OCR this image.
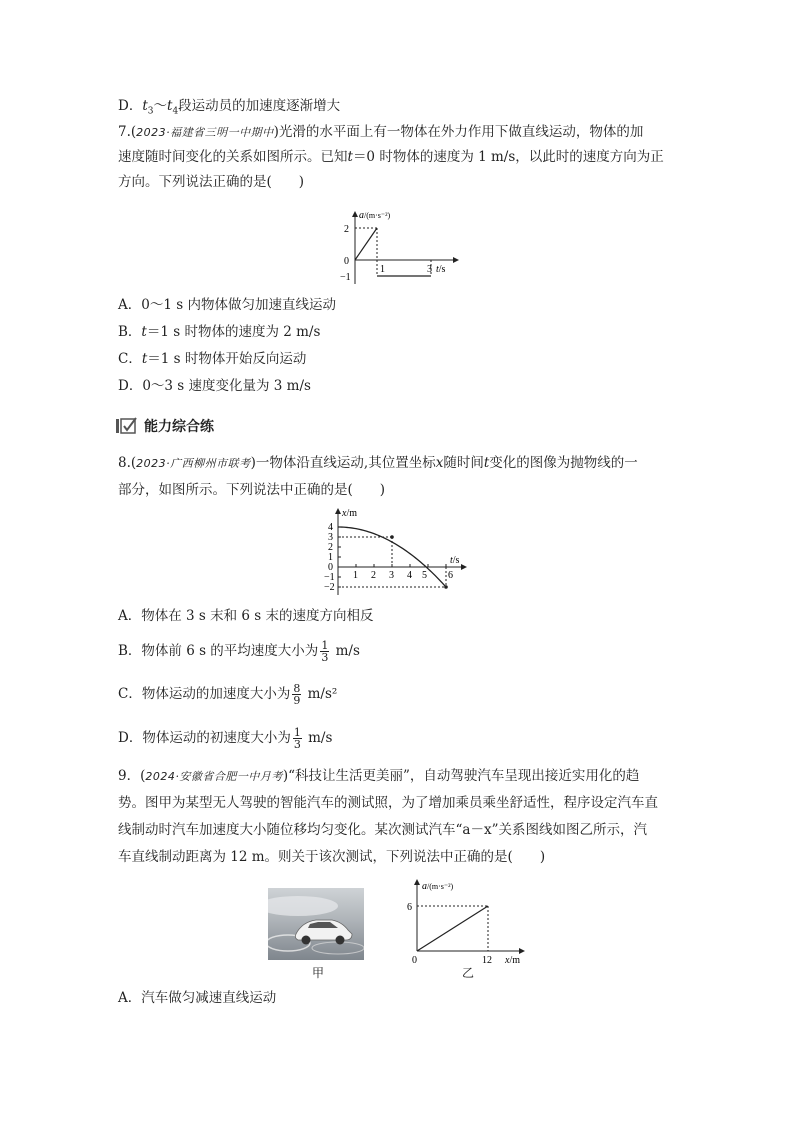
D．$t_3\sim t_4$段运动员的加速度逐渐增大
7.(2023·福建省三明一中期中)光滑的水平面上有一物体在外力作用下做直线运动，物体的加
速度随时间变化的关系如图所示。已知t＝0 时物体的速度为 1 m/s，以此时的速度方向为正
方向。下列说法正确的是(　　)
a/(m·s⁻²)
2
0
−1
1	3 t/s
A．0～1 s 内物体做匀加速直线运动
B．t＝1 s 时物体的速度为 2 m/s
C．t＝1 s 时物体开始反向运动
D．0～3 s 速度变化量为 3 m/s
能力综合练
8.(2023·广西柳州市联考)一物体沿直线运动,其位置坐标x随时间t变化的图像为抛物线的一
部分，如图所示。下列说法中正确的是(　　)
x/m
4
3
2
1
0
−1
−2
1 2 3 4 5 6
t/s
A．物体在 3 s 末和 6 s 末的速度方向相反
B．物体前 6 s 的平均速度大小为 $\frac{1}{3} m/s$
C．物体运动的加速度大小为 $\frac{8}{9} m/s^2$
D．物体运动的初速度大小为 $\frac{1}{3} m/s$
9．(2024·安徽省合肥一中月考)“科技让生活更美丽”，自动驾驶汽车呈现出接近实用化的趋
势。图甲为某型无人驾驶的智能汽车的测试照，为了增加乘员乘坐舒适性，程序设定汽车直
线制动时汽车加速度大小随位移均匀变化。某次测试汽车“a－x”关系图线如图乙所示，汽
车直线制动距离为 12 m。则关于该次测试，下列说法中正确的是(　　)
甲
a/(m·s⁻²)
6
0	12 x/m
乙
A．汽车做匀减速直线运动
